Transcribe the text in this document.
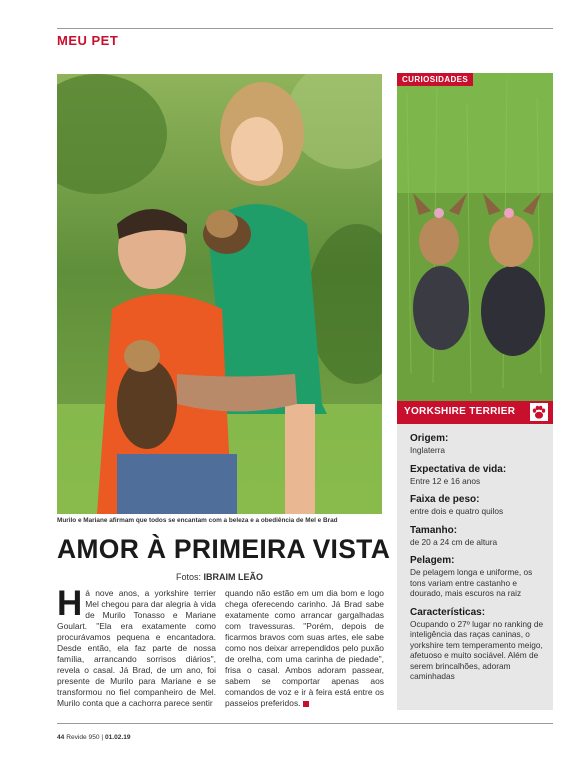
MEU PET
Murilo e Mariane afirmam que todos se encantam com a beleza e a obediência de Mel e Brad
AMOR À PRIMEIRA VISTA
Fotos: IBRAIM LEÃO

H á nove anos, a yorkshire terrier Mel chegou para dar alegria à vida de Murilo Tonasso e Mariane Goulart. "Ela era exatamente como procurávamos pequena e encantadora. Desde então, ela faz parte de nossa família, arrancando sorrisos diários", revela o casal. Já Brad, de um ano, foi presente de Murilo para Mariane e se transformou no fiel companheiro de Mel. Murilo conta que a cachorra parece sentir

quando não estão em um dia bom e logo chega oferecendo carinho. Já Brad sabe exatamente como arrancar gargalhadas com travessuras. "Porém, depois de ficarmos bravos com suas artes, ele sabe como nos deixar arrependidos pelo puxão de orelha, com uma carinha de piedade", frisa o casal. Ambos adoram passear, sabem se comportar apenas aos comandos de voz e ir à feira está entre os passeios preferidos.

CURIOSIDADES
YORKSHIRE TERRIER
Origem:
Inglaterra
Expectativa de vida:
Entre 12 e 16 anos
Faixa de peso:
entre dois e quatro quilos
Tamanho:
de 20 a 24 cm de altura
Pelagem:
De pelagem longa e uniforme, os tons variam entre castanho e dourado, mais escuros na raiz
Características:
Ocupando o 27º lugar no ranking de inteligência das raças caninas, o yorkshire tem temperamento meigo, afetuoso e muito sociável. Além de serem brincalhões, adoram caminhadas
44 Revide 950 | 01.02.19
